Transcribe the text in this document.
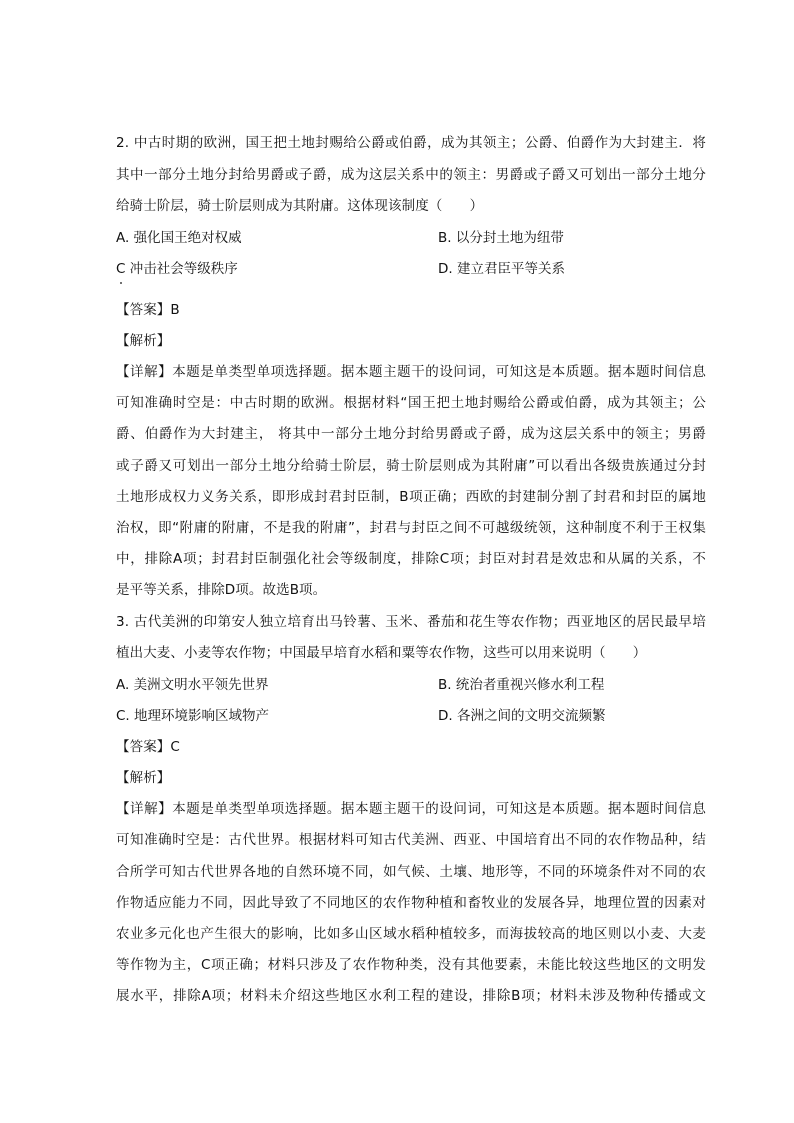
2. 中古时期的欧洲，国王把土地封赐给公爵或伯爵，成为其领主；公爵、伯爵作为大封建主．将
其中一部分土地分封给男爵或子爵，成为这层关系中的领主：男爵或子爵又可划出一部分土地分
给骑士阶层，骑士阶层则成为其附庸。这体现该制度（　　）
A. 强化国王绝对权威	B. 以分封土地为纽带
C 冲击社会等级秩序	D. 建立君臣平等关系
【答案】B
【解析】
【详解】本题是单类型单项选择题。据本题主题干的设问词，可知这是本质题。据本题时间信息
可知准确时空是：中古时期的欧洲。根据材料“国王把土地封赐给公爵或伯爵，成为其领主；公
爵、伯爵作为大封建主， 将其中一部分土地分封给男爵或子爵，成为这层关系中的领主；男爵
或子爵又可划出一部分土地分给骑士阶层，骑士阶层则成为其附庸”可以看出各级贵族通过分封
土地形成权力义务关系，即形成封君封臣制，B项正确；西欧的封建制分割了封君和封臣的属地
治权，即“附庸的附庸，不是我的附庸”，封君与封臣之间不可越级统领，这种制度不利于王权集
中，排除A项；封君封臣制强化社会等级制度，排除C项；封臣对封君是效忠和从属的关系，不
是平等关系，排除D项。故选B项。
3. 古代美洲的印第安人独立培育出马铃薯、玉米、番茄和花生等农作物；西亚地区的居民最早培
植出大麦、小麦等农作物；中国最早培育水稻和粟等农作物，这些可以用来说明（　　）
A. 美洲文明水平领先世界	B. 统治者重视兴修水利工程
C. 地理环境影响区域物产	D. 各洲之间的文明交流频繁
【答案】C
【解析】
【详解】本题是单类型单项选择题。据本题主题干的设问词，可知这是本质题。据本题时间信息
可知准确时空是：古代世界。根据材料可知古代美洲、西亚、中国培育出不同的农作物品种，结
合所学可知古代世界各地的自然环境不同，如气候、土壤、地形等，不同的环境条件对不同的农
作物适应能力不同，因此导致了不同地区的农作物种植和畜牧业的发展各异，地理位置的因素对
农业多元化也产生很大的影响，比如多山区域水稻种植较多，而海拔较高的地区则以小麦、大麦
等作物为主，C项正确；材料只涉及了农作物种类，没有其他要素，未能比较这些地区的文明发
展水平，排除A项；材料未介绍这些地区水利工程的建设，排除B项；材料未涉及物种传播或文
